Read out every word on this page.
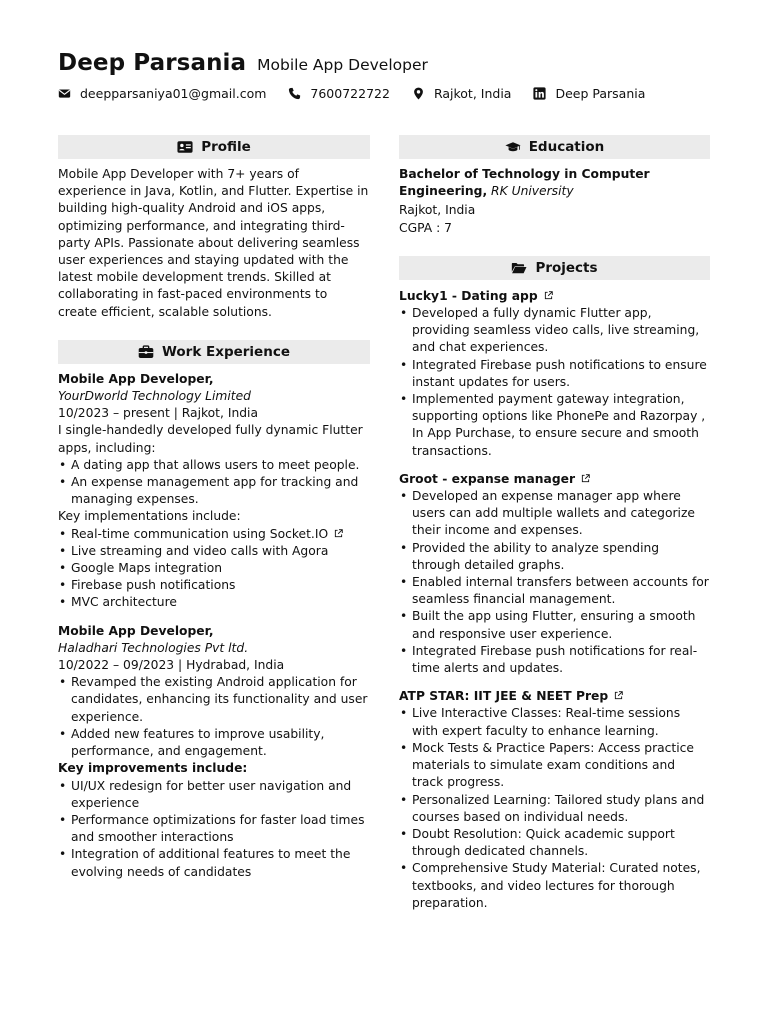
Deep Parsania Mobile App Developer
deepparsaniya01@gmail.com	7600722722	Rajkot, India	Deep Parsania
Profile

Mobile App Developer with 7+ years of experience in Java, Kotlin, and Flutter. Expertise in building high-quality Android and iOS apps, optimizing performance, and integrating third-party APIs. Passionate about delivering seamless user experiences and staying updated with the latest mobile development trends. Skilled at collaborating in fast-paced environments to create efficient, scalable solutions.

Work Experience
Mobile App Developer,
YourDworld Technology Limited
10/2023 – present | Rajkot, India
I single-handedly developed fully dynamic Flutter apps, including:
• A dating app that allows users to meet people.
• An expense management app for tracking and managing expenses.
Key implementations include:
• Real-time communication using Socket.IO
• Live streaming and video calls with Agora
• Google Maps integration
• Firebase push notifications
• MVC architecture
Mobile App Developer,
Haladhari Technologies Pvt ltd.
10/2022 – 09/2023 | Hydrabad, India
• Revamped the existing Android application for candidates, enhancing its functionality and user experience.
• Added new features to improve usability, performance, and engagement.
Key improvements include:
• UI/UX redesign for better user navigation and experience
• Performance optimizations for faster load times and smoother interactions
• Integration of additional features to meet the evolving needs of candidates
Education
Bachelor of Technology in Computer Engineering, RK University
Rajkot, India
CGPA : 7
Projects
Lucky1 - Dating app
• Developed a fully dynamic Flutter app, providing seamless video calls, live streaming, and chat experiences.
• Integrated Firebase push notifications to ensure instant updates for users.
• Implemented payment gateway integration, supporting options like PhonePe and Razorpay , In App Purchase, to ensure secure and smooth transactions.
Groot - expanse manager
• Developed an expense manager app where users can add multiple wallets and categorize their income and expenses.
• Provided the ability to analyze spending through detailed graphs.
• Enabled internal transfers between accounts for seamless financial management.
• Built the app using Flutter, ensuring a smooth and responsive user experience.
• Integrated Firebase push notifications for real-time alerts and updates.
ATP STAR: IIT JEE & NEET Prep
• Live Interactive Classes: Real-time sessions with expert faculty to enhance learning.
• Mock Tests & Practice Papers: Access practice materials to simulate exam conditions and track progress.
• Personalized Learning: Tailored study plans and courses based on individual needs.
• Doubt Resolution: Quick academic support through dedicated channels.
• Comprehensive Study Material: Curated notes, textbooks, and video lectures for thorough preparation.
